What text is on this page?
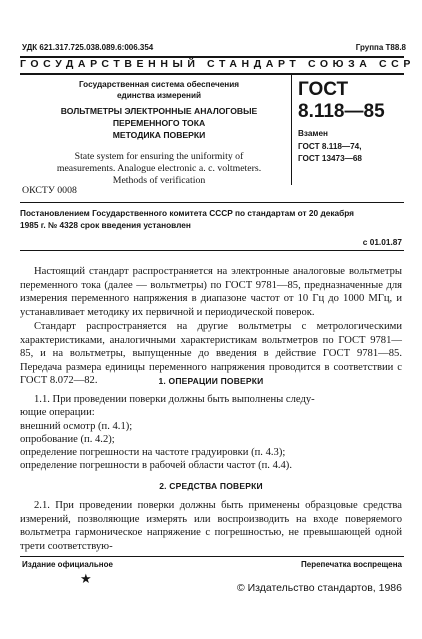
УДК 621.317.725.038.089.6:006.354	Группа Т88.8
ГОСУДАРСТВЕННЫЙ СТАНДАРТ СОЮЗА ССР
Государственная система обеспечения
единства измерений
ВОЛЬТМЕТРЫ ЭЛЕКТРОННЫЕ АНАЛОГОВЫЕ
ПЕРЕМЕННОГО ТОКА
МЕТОДИКА ПОВЕРКИ
State system for ensuring the uniformity of
measurements. Analogue electronic a. c. voltmeters.
Methods of verification
ОКСТУ 0008
ГОСТ
8.118—85
Взамен
ГОСТ 8.118—74,
ГОСТ 13473—68
Постановлением Государственного комитета СССР по стандартам от 20 декабря
1985 г. № 4328 срок введения установлен
с 01.01.87
Настоящий стандарт распространяется на электронные аналоговые вольтметры переменного тока (далее — вольтметры) по ГОСТ 9781—85, предназначенные для измерения переменного напряжения в диапазоне частот от 10 Гц до 1000 МГц, и устанавливает методику их первичной и периодической поверок.
Стандарт распространяется на другие вольтметры с метрологическими характеристиками, аналогичными характеристикам вольтметров по ГОСТ 9781—85, и на вольтметры, выпущенные до введения в действие ГОСТ 9781—85. Передача размера единицы переменного напряжения проводится в соответствии с ГОСТ 8.072—82.	1. ОПЕРАЦИИ ПОВЕРКИ
1.1. При проведении поверки должны быть выполнены следу-
ющие операции:
внешний осмотр (п. 4.1);
опробование (п. 4.2);
определение погрешности на частоте градуировки (п. 4.3);
определение погрешности в рабочей области частот (п. 4.4).
2. СРЕДСТВА ПОВЕРКИ
2.1. При проведении поверки должны быть применены образцовые средства измерений, позволяющие измерять или воспроизводить на входе поверяемого вольтметра гармоническое напряжение с погрешностью, не превышающей одной трети соответствую-
Издание официальное	Перепечатка воспрещена
★
© Издательство стандартов, 1986
